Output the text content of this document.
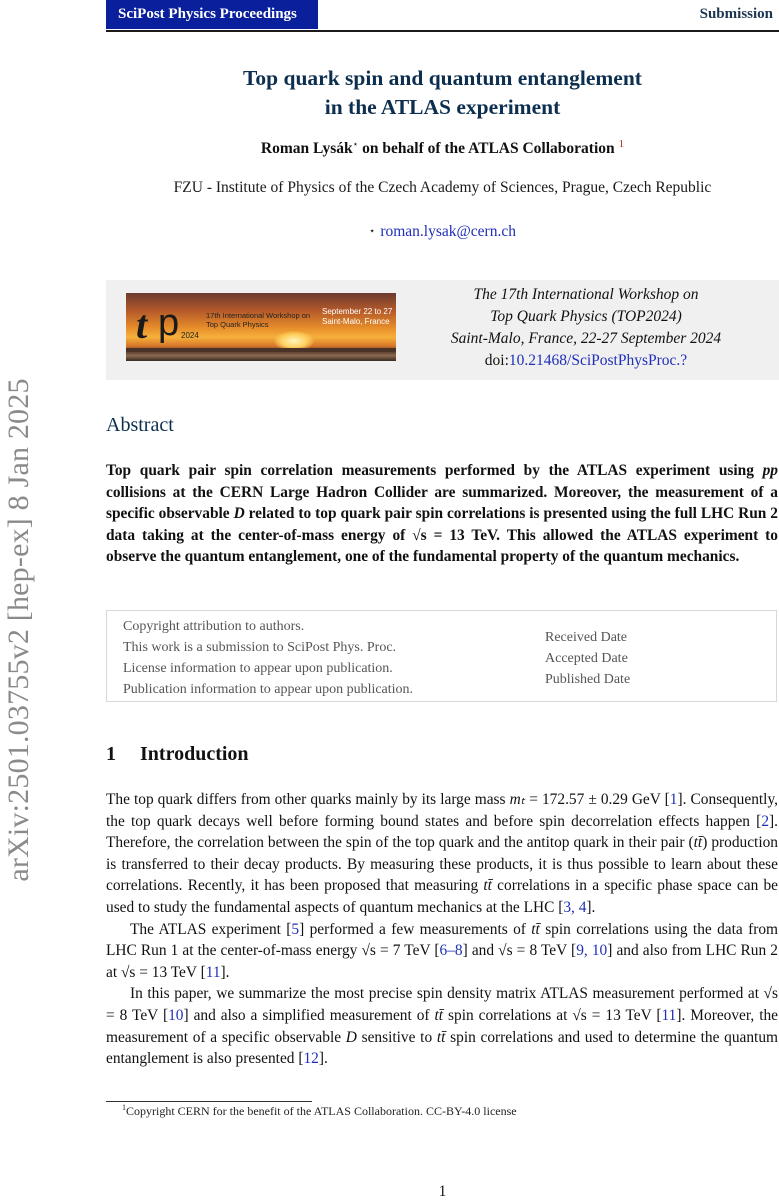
arXiv:2501.03755v2 [hep-ex] 8 Jan 2025
SciPost Physics Proceedings	Submission
Top quark spin and quantum entanglement
in the ATLAS experiment
Roman Lysák⋆ on behalf of the ATLAS Collaboration $^1$
FZU - Institute of Physics of the Czech Academy of Sciences, Prague, Czech Republic
⋆ roman.lysak@cern.ch
t p 2024
17th International Workshop on
Top Quark Physics
September 22 to 27
Saint-Malo, France
The 17th International Workshop on
Top Quark Physics (TOP2024)
Saint-Malo, France, 22-27 September 2024
doi:10.21468/SciPostPhysProc.?
Abstract
Top quark pair spin correlation measurements performed by the ATLAS experiment using pp collisions at the CERN Large Hadron Collider are summarized. Moreover, the measurement of a specific observable D related to top quark pair spin correlations is presented using the full LHC Run 2 data taking at the center-of-mass energy of √s = 13 TeV. This allowed the ATLAS experiment to observe the quantum entanglement, one of the fundamental property of the quantum mechanics.
Copyright attribution to authors.
This work is a submission to SciPost Phys. Proc.
License information to appear upon publication.
Publication information to appear upon publication.
Received Date
Accepted Date
Published Date
1 Introduction

The top quark differs from other quarks mainly by its large mass mₜ = 172.57 ± 0.29 GeV [1]. Consequently, the top quark decays well before forming bound states and before spin decorrelation effects happen [2]. Therefore, the correlation between the spin of the top quark and the antitop quark in their pair (tt̄) production is transferred to their decay products. By measuring these products, it is thus possible to learn about these correlations. Recently, it has been proposed that measuring tt̄ correlations in a specific phase space can be used to study the fundamental aspects of quantum mechanics at the LHC [3, 4].

The ATLAS experiment [5] performed a few measurements of tt̄ spin correlations using the data from LHC Run 1 at the center-of-mass energy √s = 7 TeV [6–8] and √s = 8 TeV [9, 10] and also from LHC Run 2 at √s = 13 TeV [11].

In this paper, we summarize the most precise spin density matrix ATLAS measurement performed at √s = 8 TeV [10] and also a simplified measurement of tt̄ spin correlations at √s = 13 TeV [11]. Moreover, the measurement of a specific observable D sensitive to tt̄ spin correlations and used to determine the quantum entanglement is also presented [12].

$^1$Copyright CERN for the benefit of the ATLAS Collaboration. CC-BY-4.0 license
1
